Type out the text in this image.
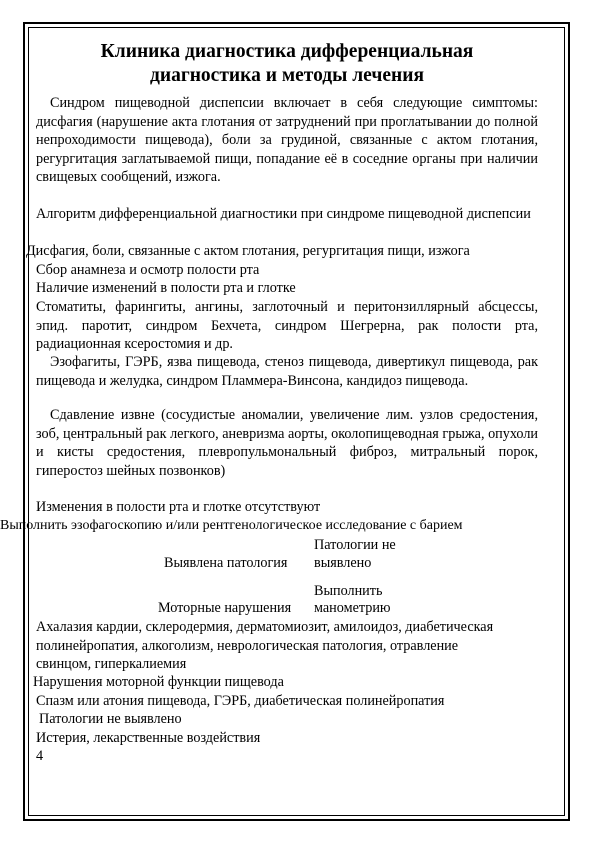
Клиника диагностика дифференциальная
диагностика и методы лечения
Синдром пищеводной диспепсии включает в себя следующие симптомы: дисфагия (нарушение акта глотания от затруднений при проглатывании до полной непроходимости пищевода), боли за грудиной, связанные с актом глотания, регургитация заглатываемой пищи, попадание её в соседние органы при наличии свищевых сообщений, изжога.
Алгоритм дифференциальной диагностики при синдроме пищеводной диспепсии
Дисфагия, боли, связанные с актом глотания, регургитация пищи, изжога
Сбор анамнеза и осмотр полости рта
Наличие изменений в полости рта и глотке
Стоматиты, фарингиты, ангины, заглоточный и перитонзиллярный абсцессы, эпид. паротит, синдром Бехчета, синдром Шегрерна, рак полости рта, радиационная ксеростомия и др.
Эзофагиты, ГЭРБ, язва пищевода, стеноз пищевода, дивертикул пищевода, рак пищевода и желудка, синдром Пламмера-Винсона, кандидоз пищевода.
Сдавление извне (сосудистые аномалии, увеличение лим. узлов средостения, зоб, центральный рак легкого, аневризма аорты, околопищеводная грыжа, опухоли и кисты средостения, плевропульмональный фиброз, митральный порок, гиперостоз шейных позвонков)
Изменения в полости рта и глотке отсутствуют
Выполнить эзофагоскопию и/или рентгенологическое исследование с барием
Патологии не
Выявлена патология выявлено
Выполнить
Моторные нарушения манометрию
Ахалазия кардии, склеродермия, дерматомиозит, амилоидоз, диабетическая полинейропатия, алкоголизм, неврологическая патология, отравление свинцом, гиперкалиемия
Нарушения моторной функции пищевода
Спазм или атония пищевода, ГЭРБ, диабетическая полинейропатия
Патологии не выявлено
Истерия, лекарственные воздействия
4
